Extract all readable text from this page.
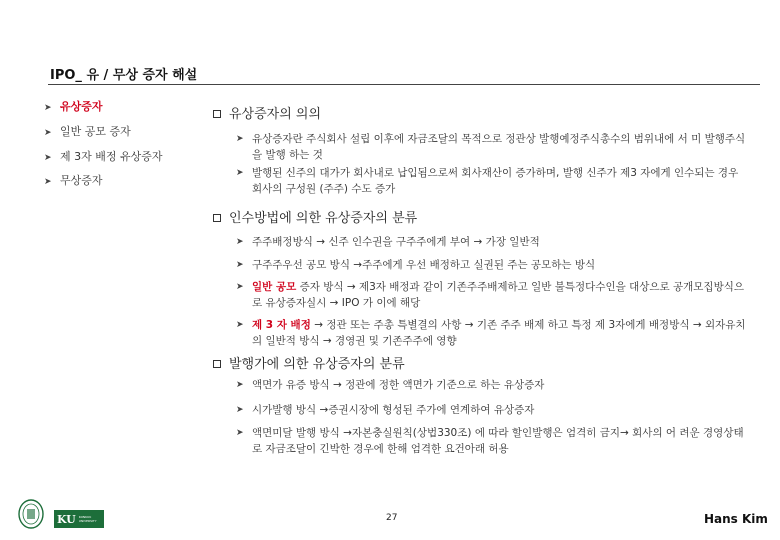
IPO_ 유 / 무상 증자 해설
➤ 유상증자
➤ 일반 공모 증자
➤ 제 3자 배정 유상증자
➤ 무상증자
유상증자의 의의
➤ 유상증자란 주식회사 설립 이후에 자금조달의 목적으로 정관상 발행예정주식총수의 범위내에 서 미 발행주식을 발행 하는 것
➤ 발행된 신주의 대가가 회사내로 납입됨으로써 회사재산이 증가하며, 발행 신주가 제3 자에게 인수되는 경우 회사의 구성원 (주주) 수도 증가
인수방법에 의한 유상증자의 분류
➤ 주주배정방식 → 신주 인수권을 구주주에게 부여 → 가장 일반적
➤ 구주주우선 공모 방식 →주주에게 우선 배정하고 실권된 주는 공모하는 방식
➤ 일반 공모 증자 방식 → 제3자 배정과 같이 기존주주배제하고 일반 불특정다수인을 대상으로 공개모집방식으로 유상증자실시 → IPO 가 이에 해당
➤ 제 3 자 배정 → 정관 또는 주총 특별결의 사항 → 기존 주주 배제 하고 특정 제 3자에게 배정방식 → 외자유치의 일반적 방식 → 경영권 및 기존주주에 영향
발행가에 의한 유상증자의 분류
➤ 액면가 유증 방식 → 정관에 정한 액면가 기준으로 하는 유상증자
➤ 시가발행 방식 →증권시장에 형성된 주가에 연계하여 유상증자
➤ 액면미달 발행 방식 →자본충실원칙(상법330조) 에 따라 할인발행은 엄격히 금지→ 회사의 어 려운 경영상태로 자금조달이 긴박한 경우에 한해 엄격한 요건아래 허용
KU KONKUK
UNIVERSITY	27	Hans Kim
